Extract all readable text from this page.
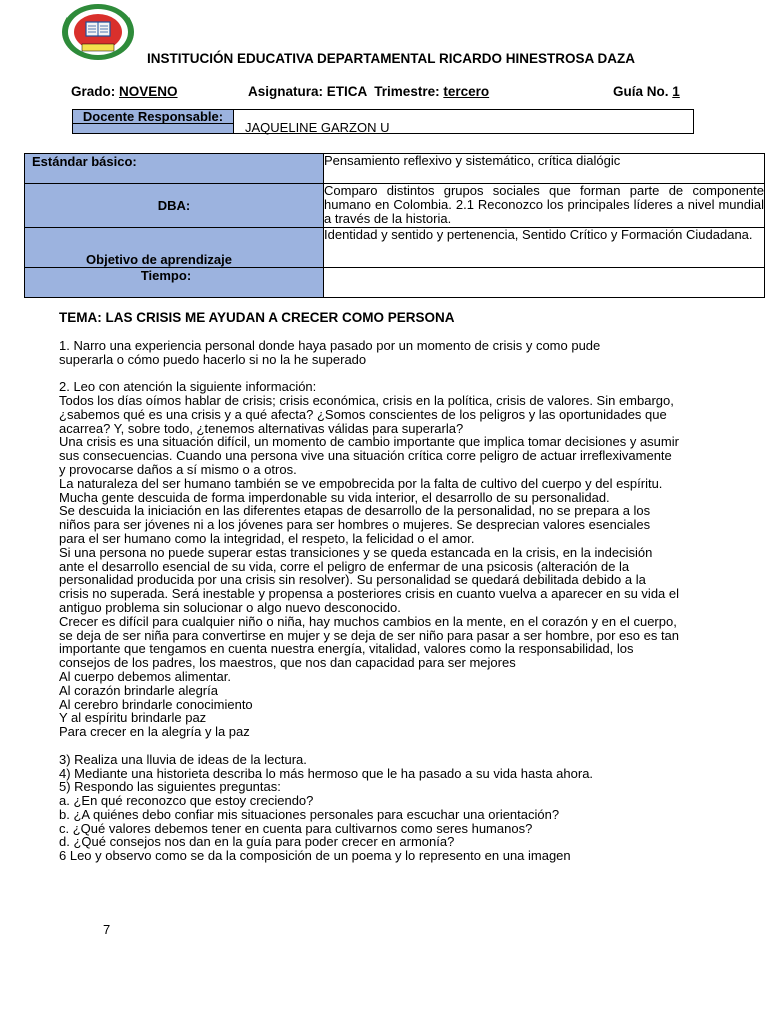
INSTITUCIÓN EDUCATIVA DEPARTAMENTAL RICARDO HINESTROSA DAZA
Grado: NOVENO	Asignatura: ETICA Trimestre: tercero	Guía No. 1
Docente Responsable:
JAQUELINE GARZON U
Estándar básico:	Pensamiento reflexivo y sistemático, crítica dialógic
DBA:	Comparo distintos grupos sociales que forman parte de componente humano en Colombia. 2.1 Reconozco los principales líderes a nivel mundial a través de la historia.
Objetivo de aprendizaje	Identidad y sentido y pertenencia, Sentido Crítico y Formación Ciudadana.
Tiempo:	
TEMA: LAS CRISIS ME AYUDAN A CRECER COMO PERSONA

1. Narro una experiencia personal donde haya pasado por un momento de crisis y como pude superarla o cómo puedo hacerlo si no la he superado

2. Leo con atención la siguiente información:

Todos los días oímos hablar de crisis; crisis económica, crisis en la política, crisis de valores. Sin embargo, ¿sabemos qué es una crisis y a qué afecta? ¿Somos conscientes de los peligros y las oportunidades que acarrea? Y, sobre todo, ¿tenemos alternativas válidas para superarla?

Una crisis es una situación difícil, un momento de cambio importante que implica tomar decisiones y asumir sus consecuencias. Cuando una persona vive una situación crítica corre peligro de actuar irreflexivamente y provocarse daños a sí mismo o a otros.

La naturaleza del ser humano también se ve empobrecida por la falta de cultivo del cuerpo y del espíritu. Mucha gente descuida de forma imperdonable su vida interior, el desarrollo de su personalidad.

Se descuida la iniciación en las diferentes etapas de desarrollo de la personalidad, no se prepara a los niños para ser jóvenes ni a los jóvenes para ser hombres o mujeres. Se desprecian valores esenciales para el ser humano como la integridad, el respeto, la felicidad o el amor.

Si una persona no puede superar estas transiciones y se queda estancada en la crisis, en la indecisión ante el desarrollo esencial de su vida, corre el peligro de enfermar de una psicosis (alteración de la personalidad producida por una crisis sin resolver). Su personalidad se quedará debilitada debido a la crisis no superada. Será inestable y propensa a posteriores crisis en cuanto vuelva a aparecer en su vida el antiguo problema sin solucionar o algo nuevo desconocido.

Crecer es difícil para cualquier niño o niña, hay muchos cambios en la mente, en el corazón y en el cuerpo, se deja de ser niña para convertirse en mujer y se deja de ser niño para pasar a ser hombre, por eso es tan importante que tengamos en cuenta nuestra energía, vitalidad, valores como la responsabilidad, los consejos de los padres, los maestros, que nos dan capacidad para ser mejores

Al cuerpo debemos alimentar.

Al corazón brindarle alegría

Al cerebro brindarle conocimiento

Y al espíritu brindarle paz

Para crecer en la alegría y la paz

3) Realiza una lluvia de ideas de la lectura.

4) Mediante una historieta describa lo más hermoso que le ha pasado a su vida hasta ahora.

5) Respondo las siguientes preguntas:

a. ¿En qué reconozco que estoy creciendo?

b. ¿A quiénes debo confiar mis situaciones personales para escuchar una orientación?

c. ¿Qué valores debemos tener en cuenta para cultivarnos como seres humanos?

d. ¿Qué consejos nos dan en la guía para poder crecer en armonía?

6 Leo y observo como se da la composición de un poema y lo represento en una imagen

7
